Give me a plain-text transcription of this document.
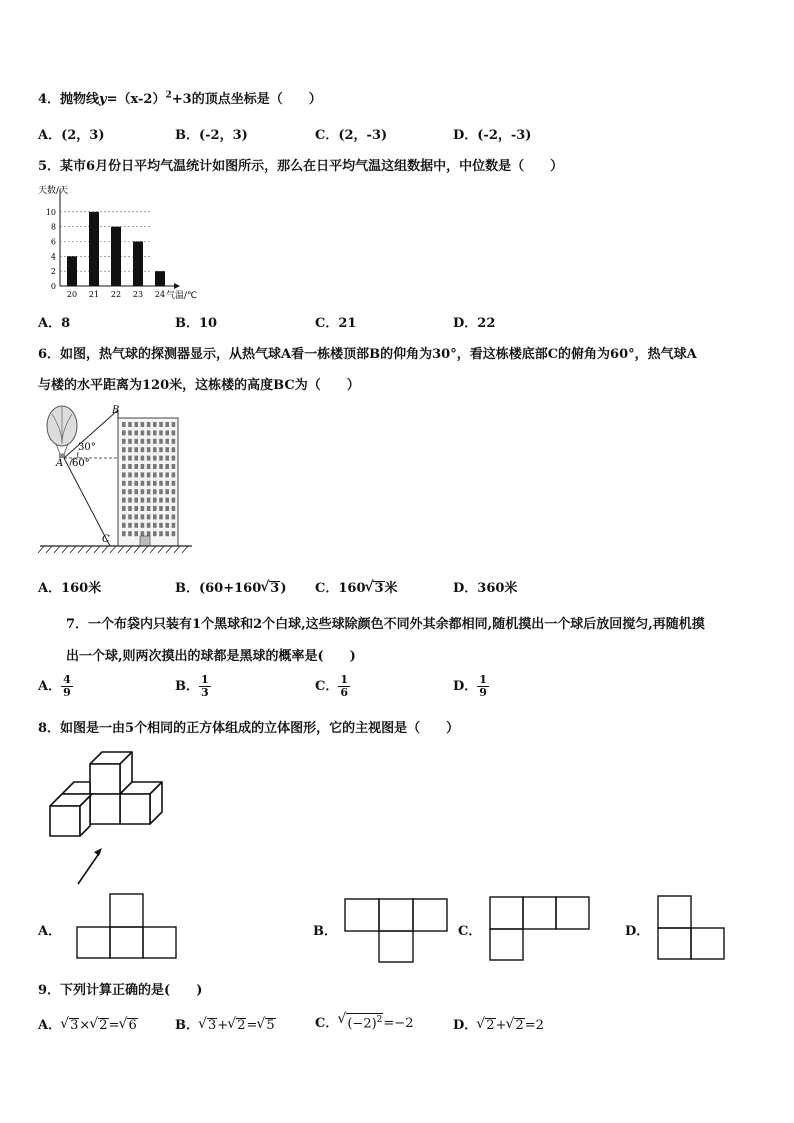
4．抛物线$y=(x-2)^2+3$的顶点坐标是（　　）
A．(2，3)	B．(-2，3)	C．(2，-3)	D．(-2，-3)
5．某市6月份日平均气温统计如图所示，那么在日平均气温这组数据中，中位数是（　　）
天数/天
0
2
4
6
8
10
20 21 22 23 24 气温/℃
A．8	B．10	C．21	D．22
6．如图，热气球的探测器显示，从热气球A看一栋楼顶部B的仰角为30°，看这栋楼底部C的俯角为60°，热气球A
与楼的水平距离为120米，这栋楼的高度BC为（　　）
B
A
C
30°
60°
A．160米	B．(60+160 √ 3) C．160 √ 3米	D．360米
7．一个布袋内只装有1个黑球和2个白球,这些球除颜色不同外其余都相同,随机摸出一个球后放回搅匀,再随机摸
出一个球,则两次摸出的球都是黑球的概率是(　　)
A． $\frac{4}{9}$	B． $\frac{1}{3}$	C． $\frac{1}{6}$	D． $\frac{1}{9}$
8．如图是一由5个相同的正方体组成的立体图形，它的主视图是（　　）
A．	B．	C．	D．
9．下列计算正确的是(　　)
A． √ 3× √ 2= √ 6	B． √ 3+ √ 2= √ 5	C． √ $(-2)^2=-2$	D． √ 2+ √ 2=2
